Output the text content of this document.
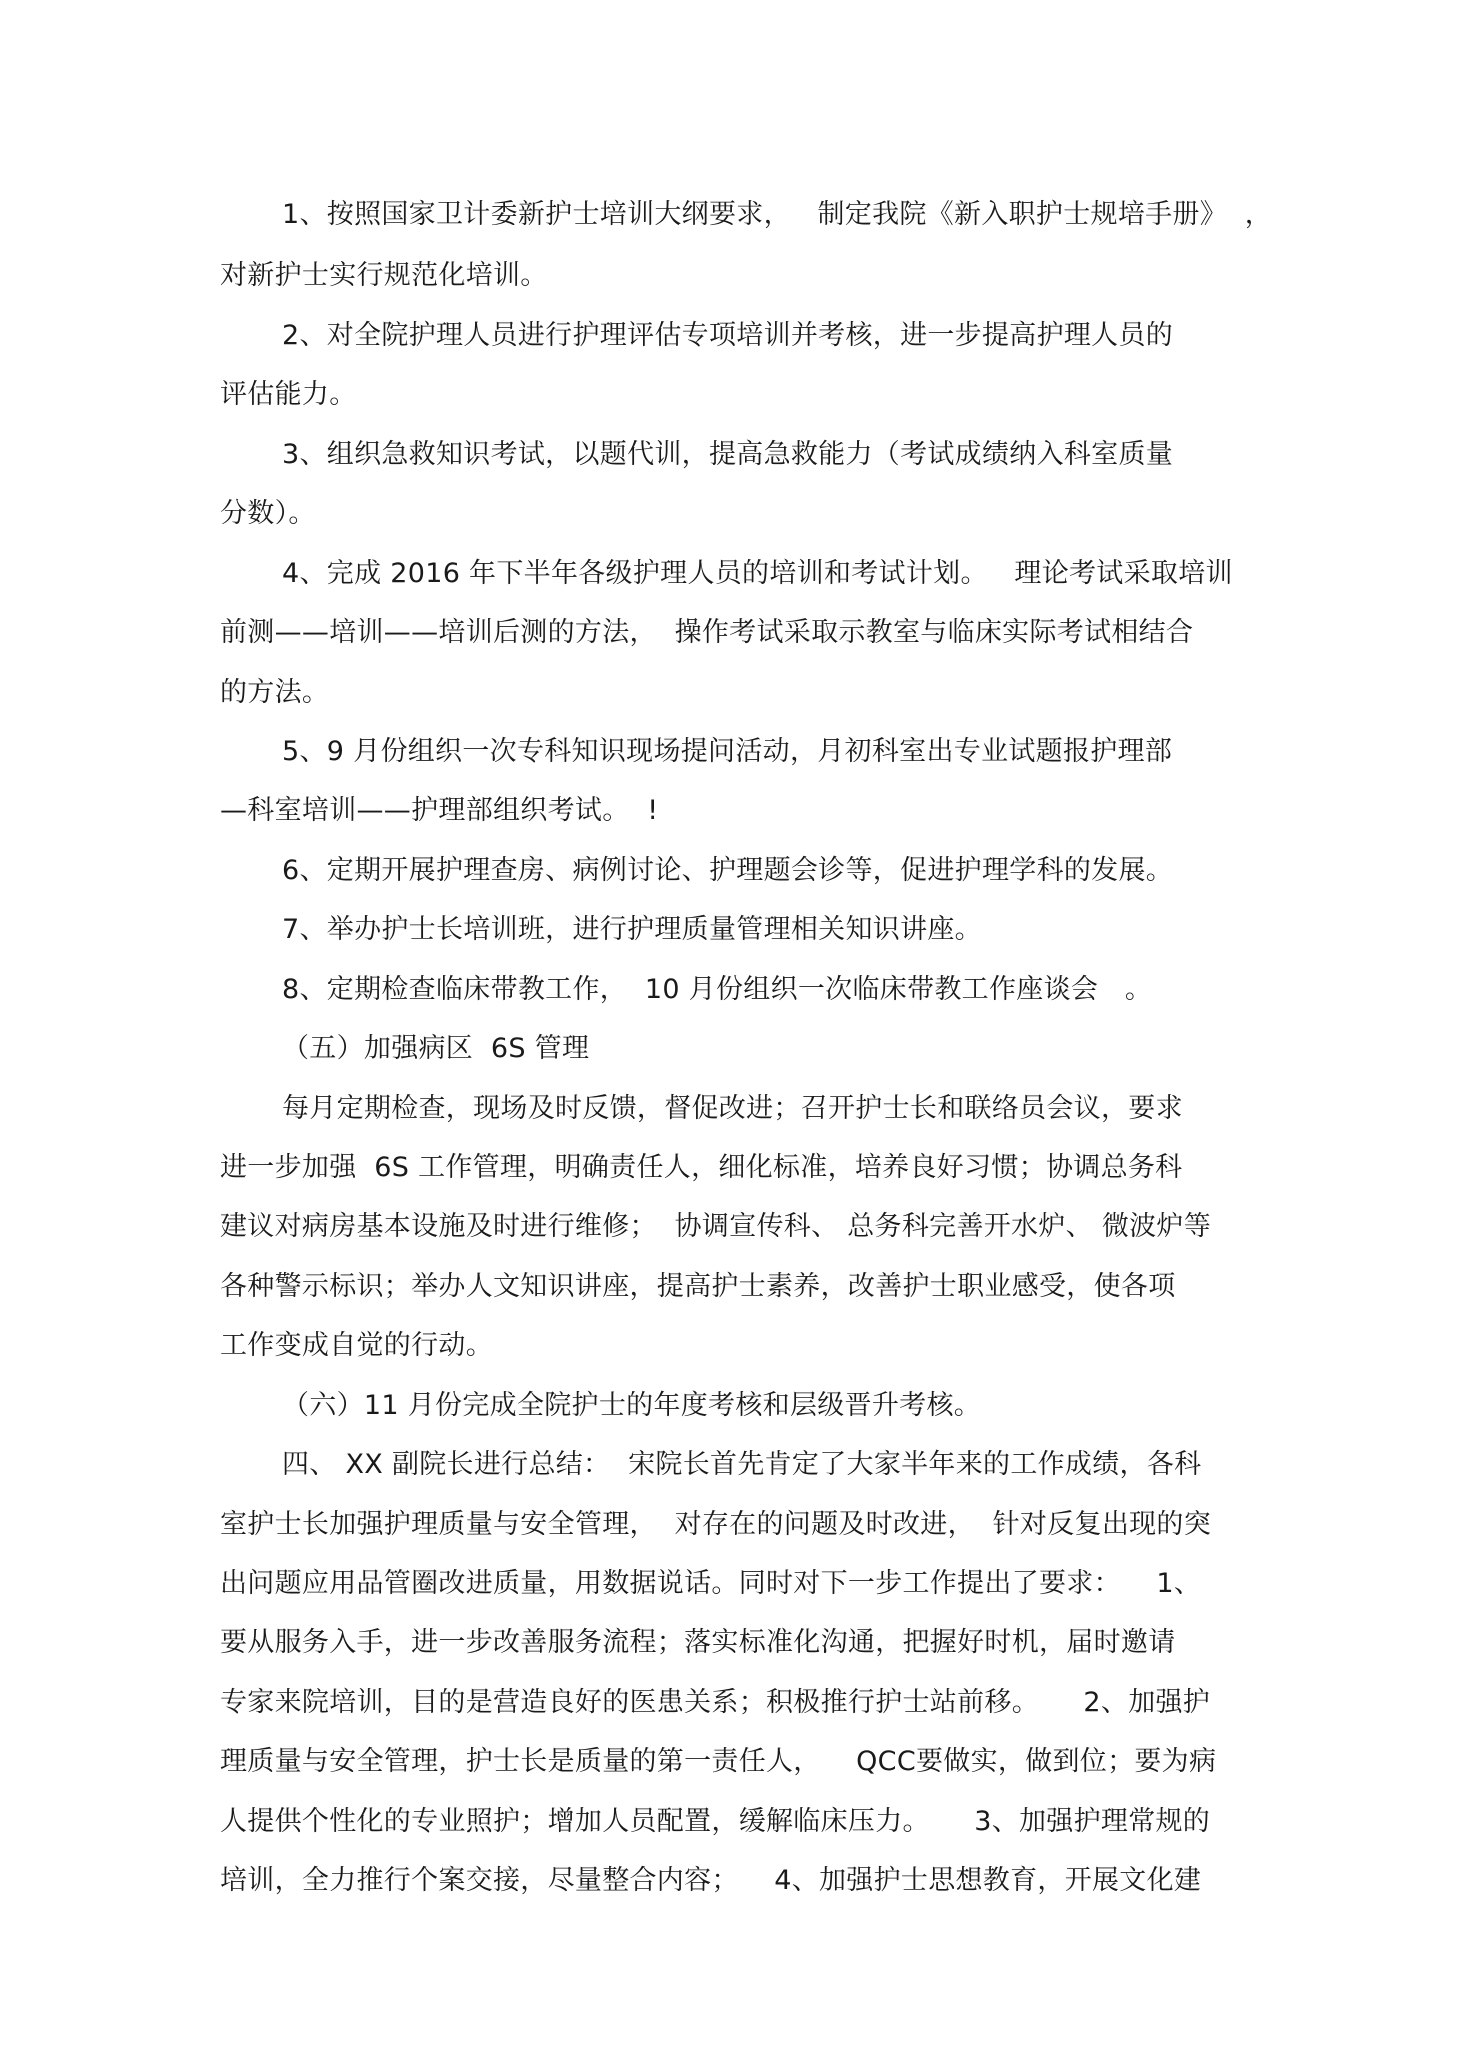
1、按照国家卫计委新护士培训大纲要求，   制定我院《新入职护士规培手册》  ，
对新护士实行规范化培训。
2、对全院护理人员进行护理评估专项培训并考核，进一步提高护理人员的
评估能力。
3、组织急救知识考试，以题代训，提高急救能力（考试成绩纳入科室质量
分数）。
4、完成 2016 年下半年各级护理人员的培训和考试计划。   理论考试采取培训
前测——培训——培训后测的方法，  操作考试采取示教室与临床实际考试相结合
的方法。
5、9 月份组织一次专科知识现场提问活动，月初科室出专业试题报护理部
—科室培训——护理部组织考试。  !
6、定期开展护理查房、病例讨论、护理题会诊等，促进护理学科的发展。
7、举办护士长培训班，进行护理质量管理相关知识讲座。
8、定期检查临床带教工作，  10 月份组织一次临床带教工作座谈会   。
（五）加强病区  6S 管理
每月定期检查，现场及时反馈，督促改进；召开护士长和联络员会议，要求
进一步加强  6S 工作管理，明确责任人，细化标准，培养良好习惯；协调总务科
建议对病房基本设施及时进行维修；  协调宣传科、 总务科完善开水炉、 微波炉等
各种警示标识；举办人文知识讲座，提高护士素养，改善护士职业感受，使各项
工作变成自觉的行动。
（六）11 月份完成全院护士的年度考核和层级晋升考核。
四、 XX 副院长进行总结：  宋院长首先肯定了大家半年来的工作成绩，各科
室护士长加强护理质量与安全管理，  对存在的问题及时改进，  针对反复出现的突
出问题应用品管圈改进质量，用数据说话。同时对下一步工作提出了要求：    1、
要从服务入手，进一步改善服务流程；落实标准化沟通，把握好时机，届时邀请
专家来院培训，目的是营造良好的医患关系；积极推行护士站前移。     2、加强护
理质量与安全管理，护士长是质量的第一责任人，    QCC要做实，做到位；要为病
人提供个性化的专业照护；增加人员配置，缓解临床压力。     3、加强护理常规的
培训，全力推行个案交接，尽量整合内容；    4、加强护士思想教育，开展文化建
